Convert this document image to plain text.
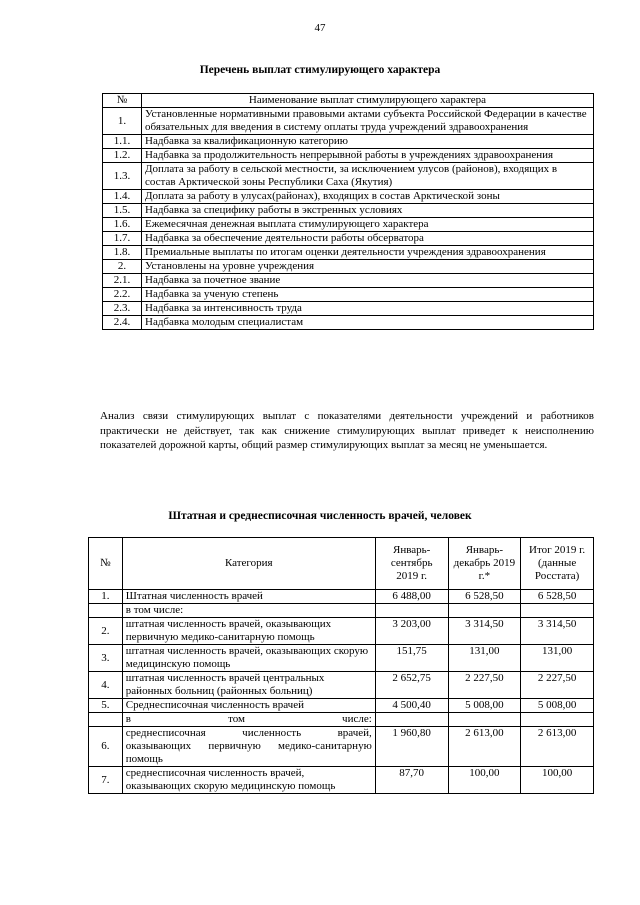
47
Перечень выплат стимулирующего характера
№	Наименование выплат стимулирующего характера
1.	Установленные нормативными правовыми актами субъекта Российской Федерации в качестве обязательных для введения в систему оплаты труда учреждений здравоохранения
1.1.	Надбавка за квалификационную категорию
1.2.	Надбавка за продолжительность непрерывной работы в учреждениях здравоохранения
1.3.	Доплата за работу в сельской местности, за исключением улусов (районов), входящих в состав Арктической зоны Республики Саха (Якутия)
1.4.	Доплата за работу в улусах(районах), входящих в состав Арктической зоны
1.5.	Надбавка за специфику работы в экстренных условиях
1.6.	Ежемесячная денежная выплата стимулирующего характера
1.7.	Надбавка за обеспечение деятельности работы обсерватора
1.8.	Премиальные выплаты по итогам оценки деятельности учреждения здравоохранения
2.	Установлены на уровне учреждения
2.1.	Надбавка за почетное звание
2.2.	Надбавка за ученую степень
2.3.	Надбавка за интенсивность труда
2.4.	Надбавка молодым специалистам
Анализ связи стимулирующих выплат с показателями деятельности учреждений и работников практически не действует, так как снижение стимулирующих выплат приведет к неисполнению показателей дорожной карты, общий размер стимулирующих выплат за месяц не уменьшается.
Штатная и среднесписочная численность врачей, человек
№	Категория	Январь-сентябрь 2019 г.	Январь-декабрь 2019 г.*	Итог 2019 г. (данные Росстата)
1.	Штатная численность врачей	6 488,00	6 528,50	6 528,50
	в том числе:			
2.	штатная численность врачей, оказывающих первичную медико-санитарную помощь	3 203,00	3 314,50	3 314,50
3.	штатная численность врачей, оказывающих скорую медицинскую помощь	151,75	131,00	131,00
4.	штатная численность врачей центральных районных больниц (районных больниц)	2 652,75	2 227,50	2 227,50
5.	Среднесписочная численность врачей	4 500,40	5 008,00	5 008,00
	в том числе:			
6.	среднесписочная численность врачей, оказывающих первичную медико-санитарную помощь	1 960,80	2 613,00	2 613,00
7.	среднесписочная численность врачей, оказывающих скорую медицинскую помощь	87,70	100,00	100,00
